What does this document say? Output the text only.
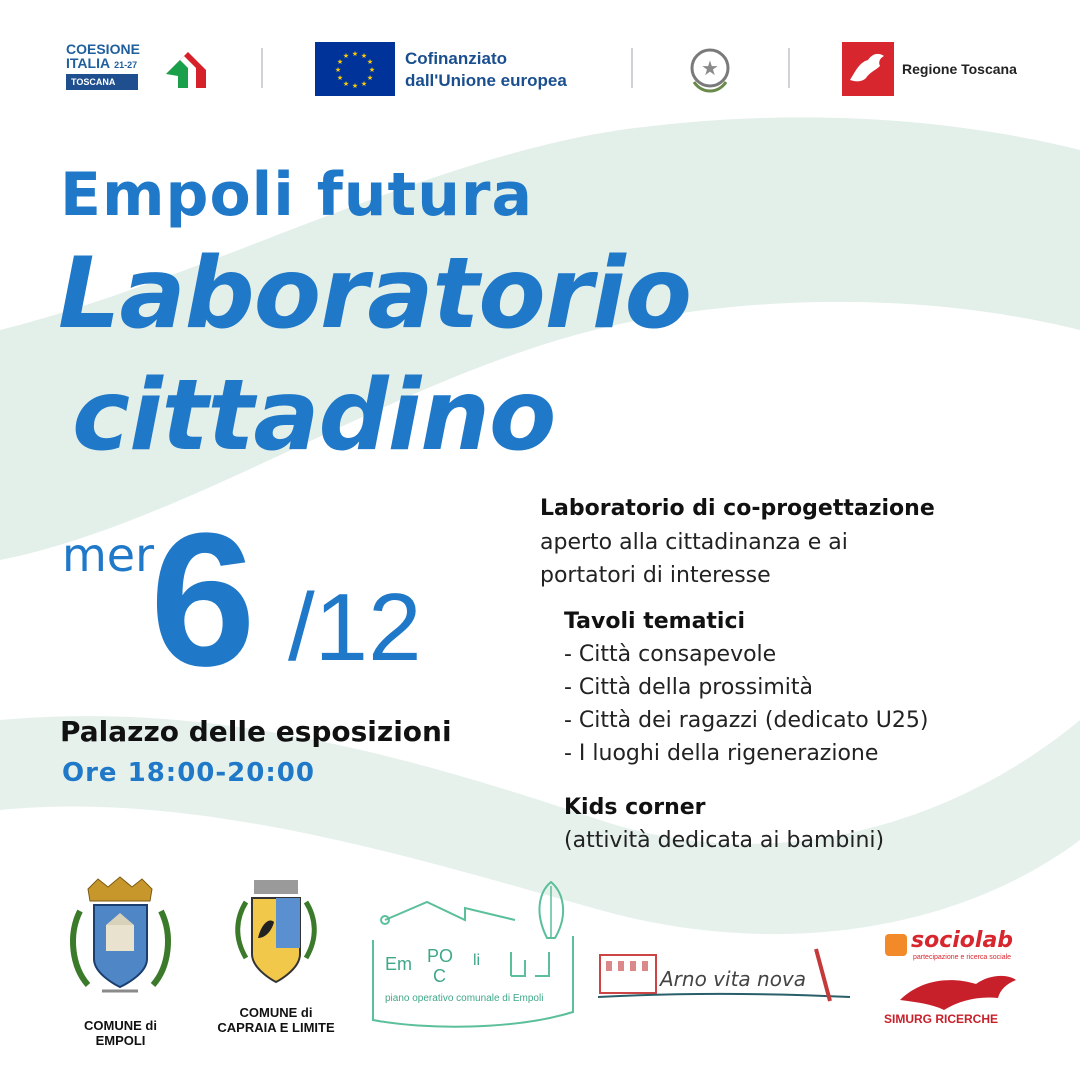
COESIONE
ITALIA 21-27
TOSCANA
★ ★
★
★
★
★
★
★
★
★
★
★	Cofinanziato
dall'Unione europea
★	Regione Toscana
Empoli futura
Laboratorio
cittadino
mer
6 /12
Palazzo delle esposizioni
Ore 18:00-20:00
Laboratorio di co-progettazione
aperto alla cittadinanza e ai
portatori di interesse
Tavoli tematici
- Città consapevole
- Città della prossimità
- Città dei ragazzi (dedicato U25)
- I luoghi della rigenerazione
Kids corner
(attività dedicata ai bambini)
COMUNE di EMPOLI
COMUNE di
CAPRAIA E LIMITE
Em PO
C
li
piano operativo comunale di Empoli
Arno vita nova
sociolab
partecipazione e ricerca sociale
SIMURG RICERCHE
